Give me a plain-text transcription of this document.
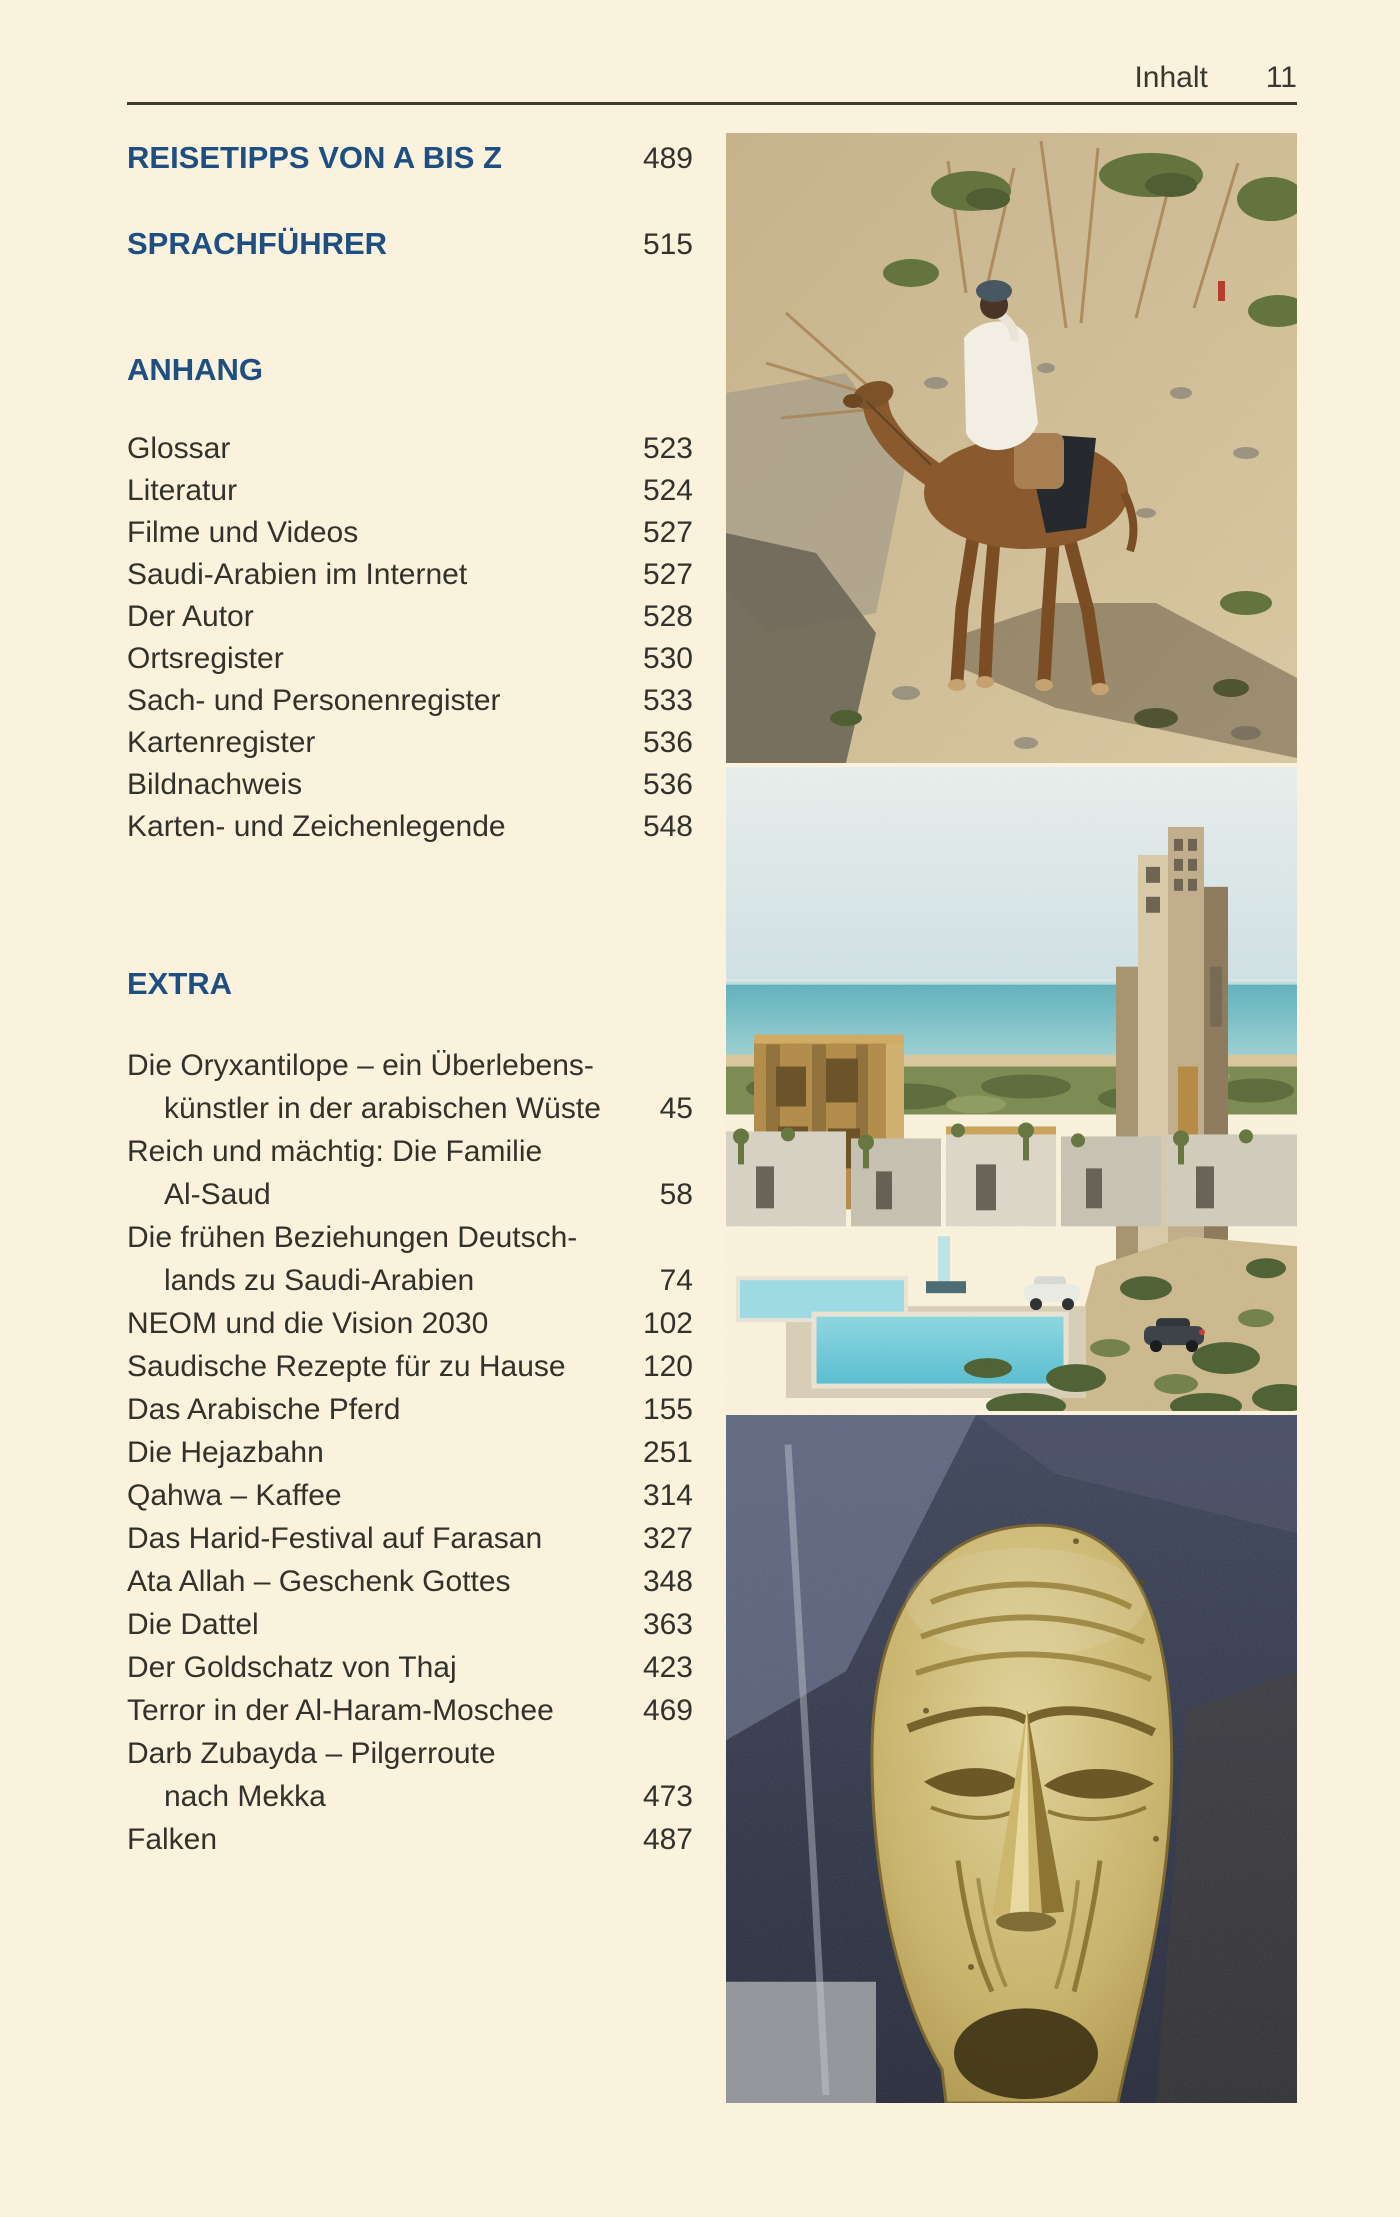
Inhalt 11
REISETIPPS VON A BIS Z	489
SPRACHFÜHRER	515
ANHANG
Glossar	523
Literatur	524
Filme und Videos	527
Saudi-Arabien im Internet	527
Der Autor	528
Ortsregister	530
Sach- und Personenregister	533
Kartenregister	536
Bildnachweis	536
Karten- und Zeichenlegende	548
EXTRA
Die Oryxantilope – ein Überlebens-
künstler in der arabischen Wüste	45
Reich und mächtig: Die Familie
Al-Saud	58
Die frühen Beziehungen Deutsch-
lands zu Saudi-Arabien	74
NEOM und die Vision 2030	102
Saudische Rezepte für zu Hause	120
Das Arabische Pferd	155
Die Hejazbahn	251
Qahwa – Kaffee	314
Das Harid-Festival auf Farasan	327
Ata Allah – Geschenk Gottes	348
Die Dattel	363
Der Goldschatz von Thaj	423
Terror in der Al-Haram-Moschee	469
Darb Zubayda – Pilgerroute
nach Mekka	473
Falken	487
